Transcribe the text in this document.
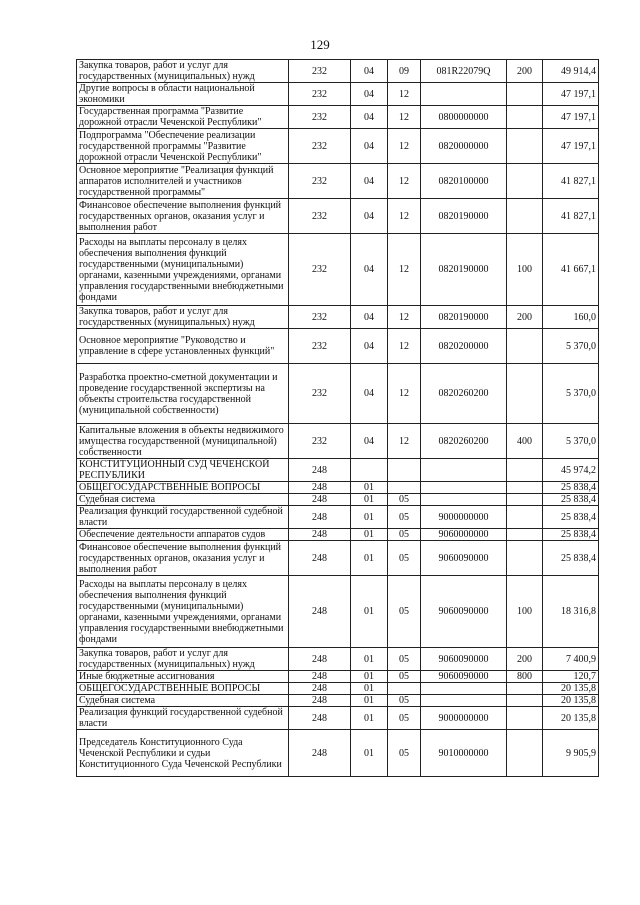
129
Закупка товаров, работ и услуг для государственных (муниципальных) нужд	232	04	09	081R22079Q	200	49 914,4
Другие вопросы в области национальной экономики	232	04	12			47 197,1
Государственная программа "Развитие дорожной отрасли Чеченской Республики"	232	04	12	0800000000		47 197,1
Подпрограмма "Обеспечение реализации государственной программы "Развитие дорожной отрасли Чеченской Республики"	232	04	12	0820000000		47 197,1
Основное мероприятие "Реализация функций аппаратов исполнителей и участников государственной программы"	232	04	12	0820100000		41 827,1
Финансовое обеспечение выполнения функций государственных органов, оказания услуг и выполнения работ	232	04	12	0820190000		41 827,1
Расходы на выплаты персоналу в целях обеспечения выполнения функций государственными (муниципальными) органами, казенными учреждениями, органами управления государственными внебюджетными фондами	232	04	12	0820190000	100	41 667,1
Закупка товаров, работ и услуг для государственных (муниципальных) нужд	232	04	12	0820190000	200	160,0
Основное мероприятие "Руководство и управление в сфере установленных функций"	232	04	12	0820200000		5 370,0
Разработка проектно-сметной документации и проведение государственной экспертизы на объекты строительства государственной (муниципальной собственности)	232	04	12	0820260200		5 370,0
Капитальные вложения в объекты недвижимого имущества государственной (муниципальной) собственности	232	04	12	0820260200	400	5 370,0
КОНСТИТУЦИОННЫЙ СУД ЧЕЧЕНСКОЙ РЕСПУБЛИКИ	248					45 974,2
ОБЩЕГОСУДАРСТВЕННЫЕ ВОПРОСЫ	248	01				25 838,4
Судебная система	248	01	05			25 838,4
Реализация функций государственной судебной власти	248	01	05	9000000000		25 838,4
Обеспечение деятельности аппаратов судов	248	01	05	9060000000		25 838,4
Финансовое обеспечение выполнения функций государственных органов, оказания услуг и выполнения работ	248	01	05	9060090000		25 838,4
Расходы на выплаты персоналу в целях обеспечения выполнения функций государственными (муниципальными) органами, казенными учреждениями, органами управления государственными внебюджетными фондами	248	01	05	9060090000	100	18 316,8
Закупка товаров, работ и услуг для государственных (муниципальных) нужд	248	01	05	9060090000	200	7 400,9
Иные бюджетные ассигнования	248	01	05	9060090000	800	120,7
ОБЩЕГОСУДАРСТВЕННЫЕ ВОПРОСЫ	248	01				20 135,8
Судебная система	248	01	05			20 135,8
Реализация функций государственной судебной власти	248	01	05	9000000000		20 135,8
Председатель Конституционного Суда Чеченской Республики и судьи Конституционного Суда Чеченской Республики	248	01	05	9010000000		9 905,9
